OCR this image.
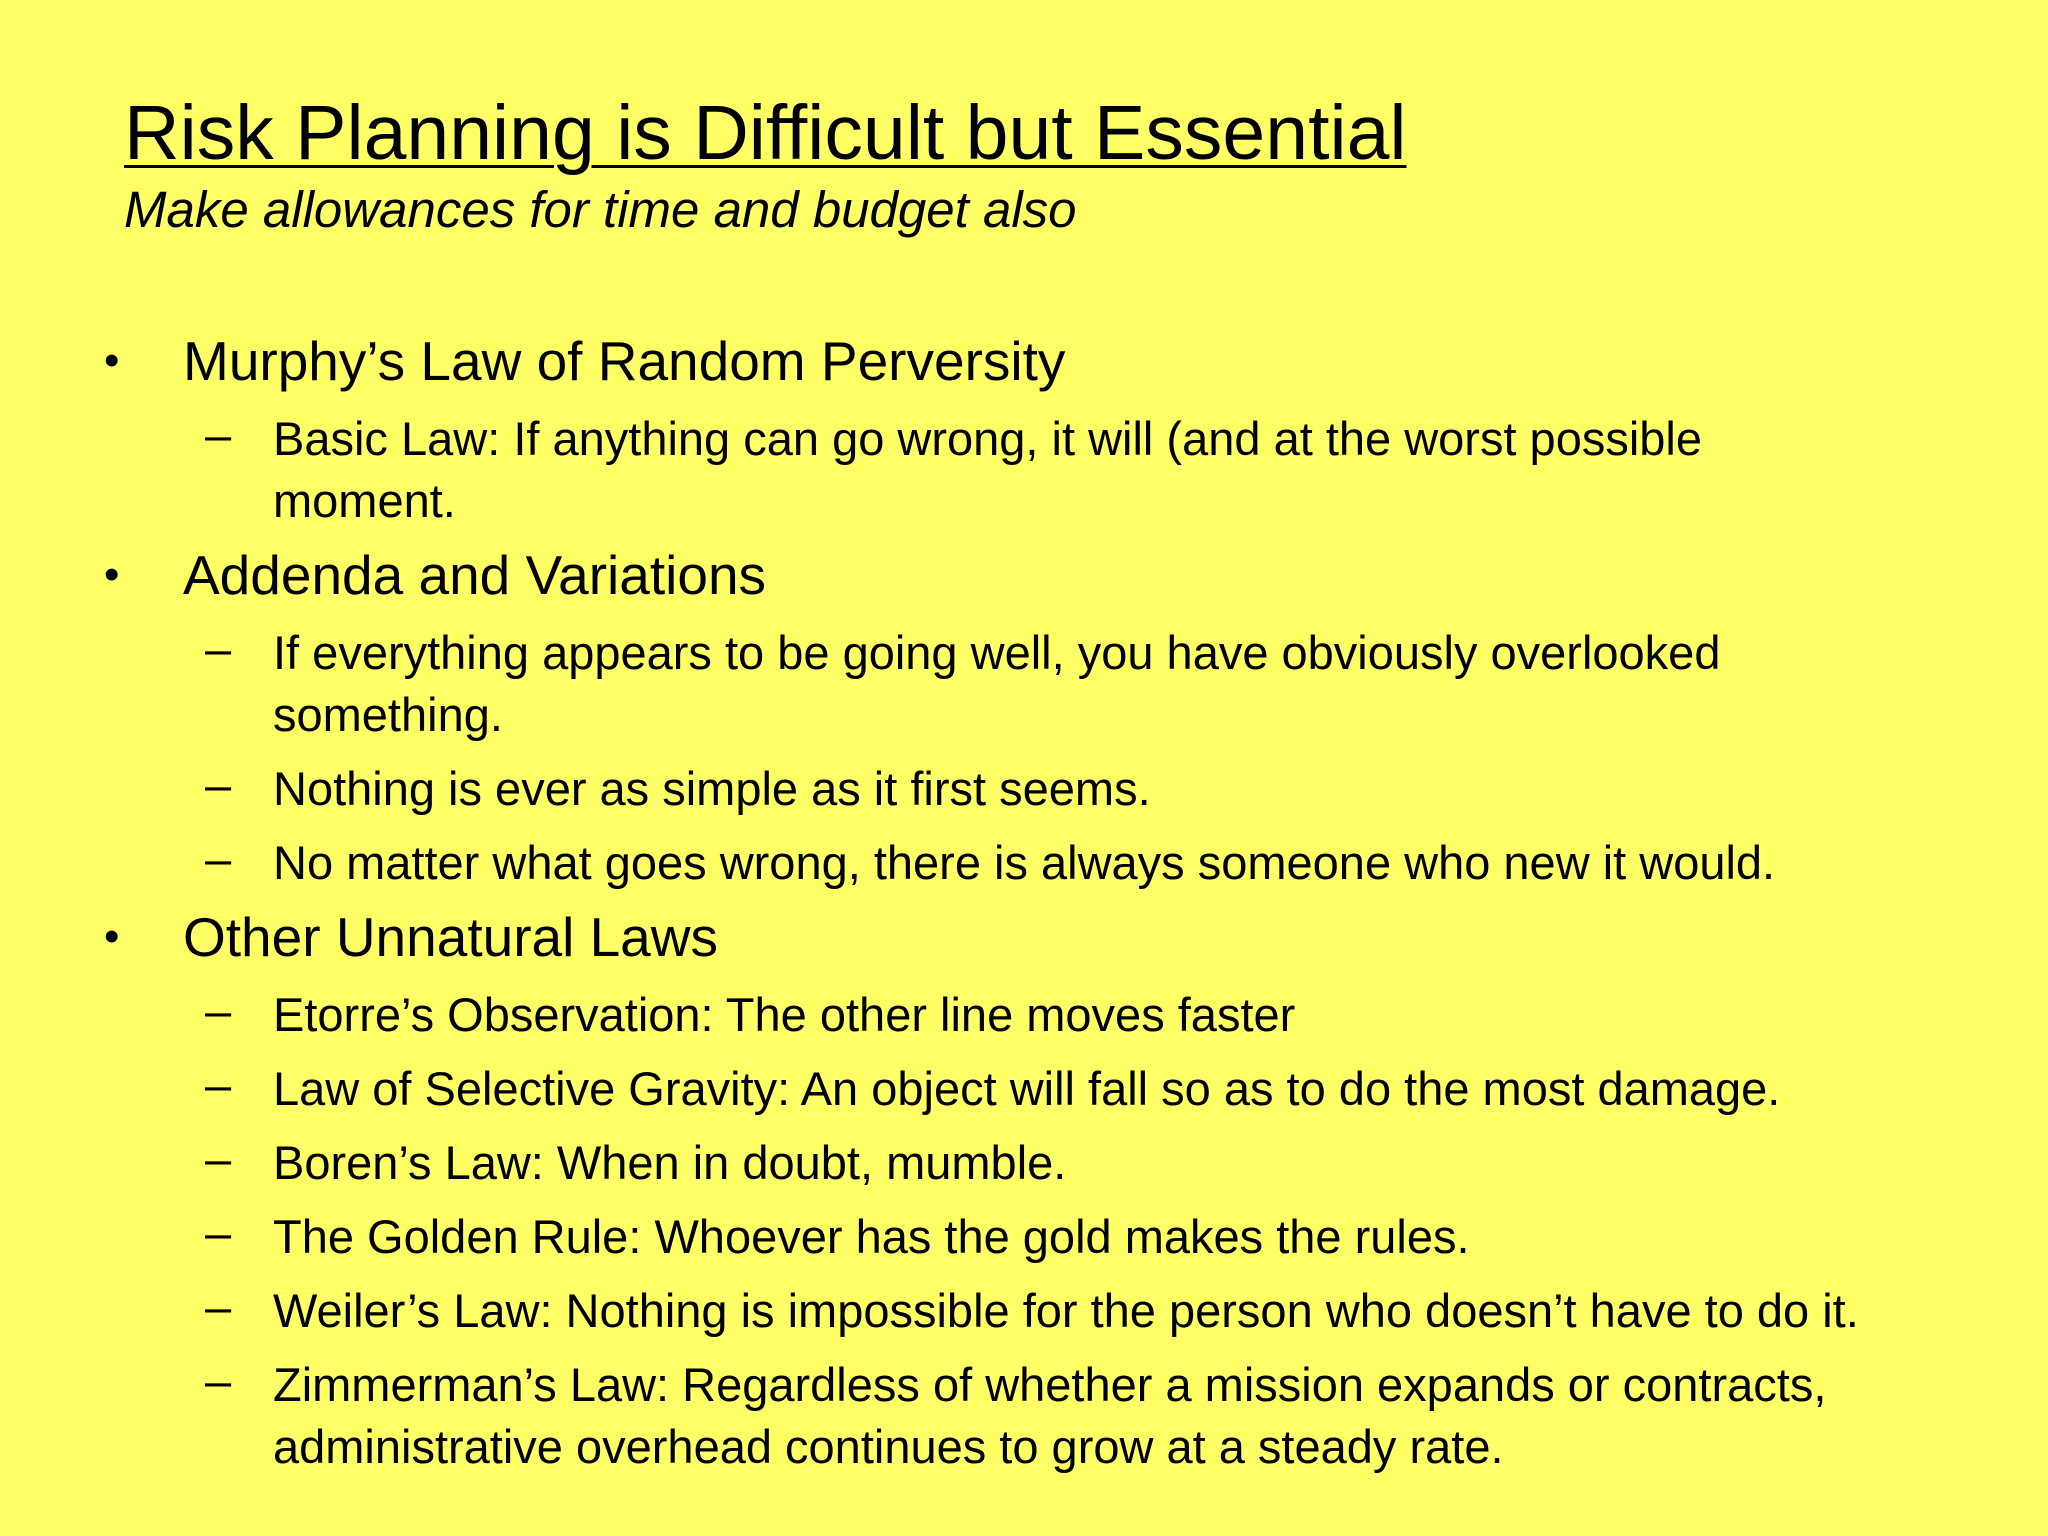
Risk Planning is Difficult but Essential
Make allowances for time and budget also
• Murphy’s Law of Random Perversity
– Basic Law: If anything can go wrong, it will (and at the worst possible moment.
• Addenda and Variations
– If everything appears to be going well, you have obviously overlooked something.
– Nothing is ever as simple as it first seems.
– No matter what goes wrong, there is always someone who new it would.
• Other Unnatural Laws
– Etorre’s Observation: The other line moves faster
– Law of Selective Gravity: An object will fall so as to do the most damage.
– Boren’s Law: When in doubt, mumble.
– The Golden Rule: Whoever has the gold makes the rules.
– Weiler’s Law: Nothing is impossible for the person who doesn’t have to do it.
– Zimmerman’s Law: Regardless of whether a mission expands or contracts, administrative overhead continues to grow at a steady rate.
